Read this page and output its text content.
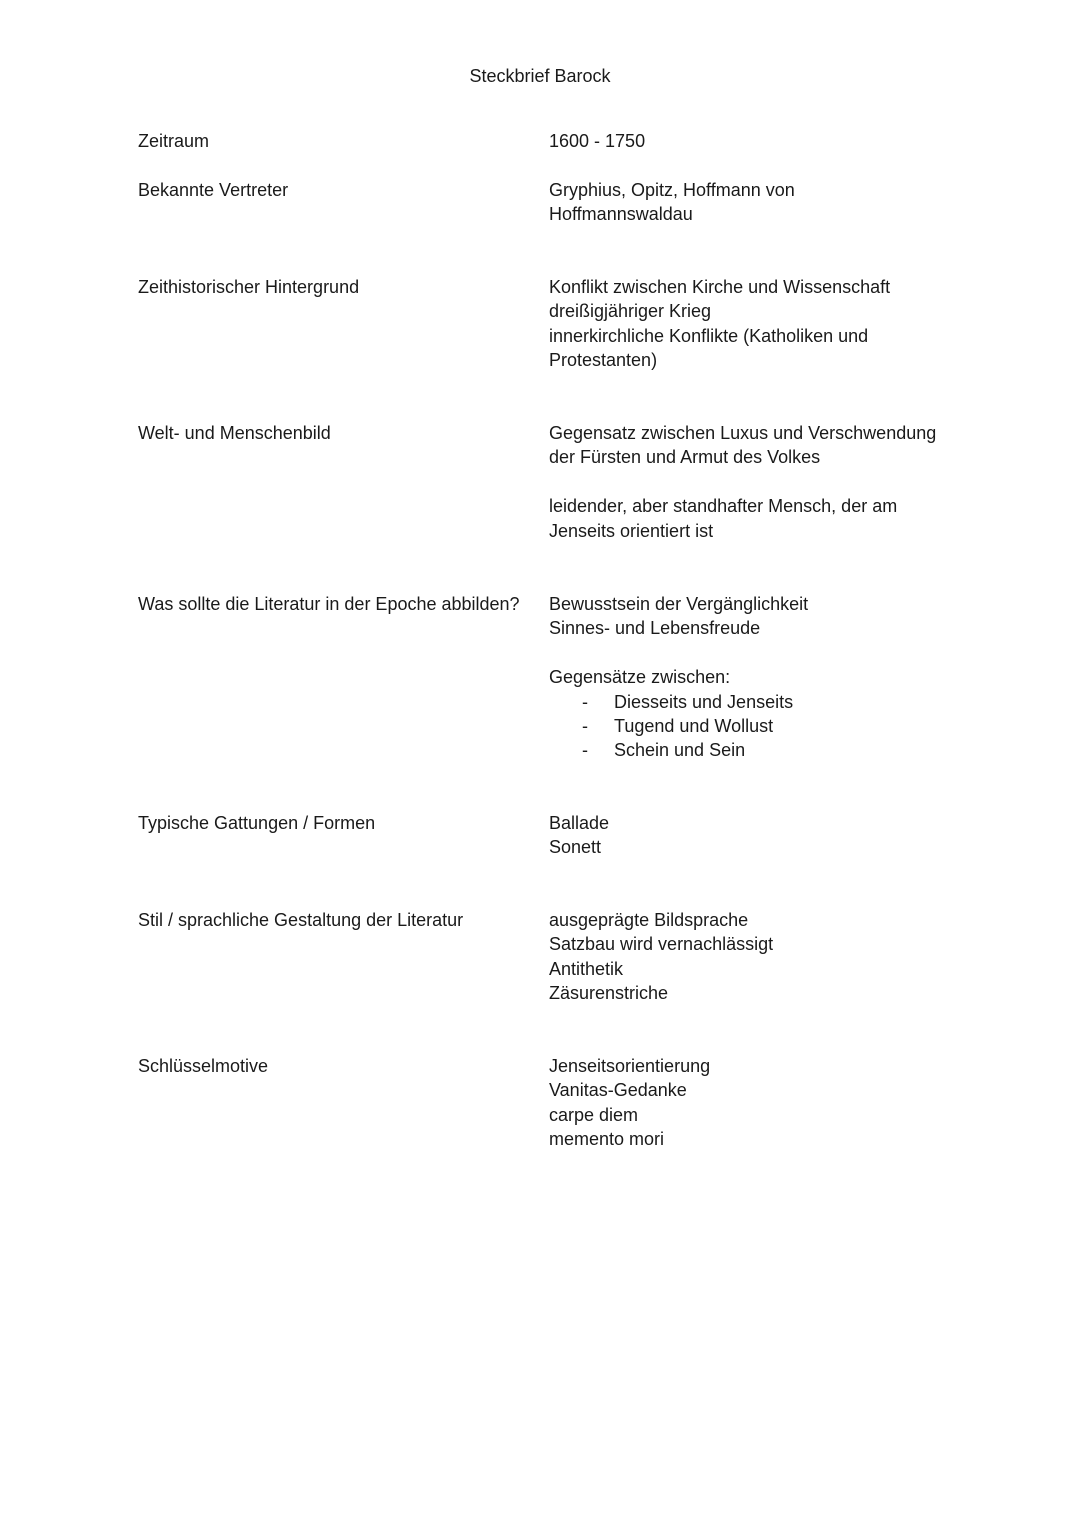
Steckbrief Barock
Zeitraum	1600 - 1750
Bekannte Vertreter	Gryphius, Opitz, Hoffmann von
Hoffmannswaldau
Zeithistorischer Hintergrund	Konflikt zwischen Kirche und Wissenschaft
dreißigjähriger Krieg
innerkirchliche Konflikte (Katholiken und
Protestanten)
Welt- und Menschenbild	Gegensatz zwischen Luxus und Verschwendung
der Fürsten und Armut des Volkes
leidender, aber standhafter Mensch, der am
Jenseits orientiert ist
Was sollte die Literatur in der Epoche abbilden?	Bewusstsein der Vergänglichkeit
Sinnes- und Lebensfreude
Gegensätze zwischen:
- Diesseits und Jenseits
- Tugend und Wollust
- Schein und Sein
Typische Gattungen / Formen	Ballade
Sonett
Stil / sprachliche Gestaltung der Literatur	ausgeprägte Bildsprache
Satzbau wird vernachlässigt
Antithetik
Zäsurenstriche
Schlüsselmotive	Jenseitsorientierung
Vanitas-Gedanke
carpe diem
memento mori
